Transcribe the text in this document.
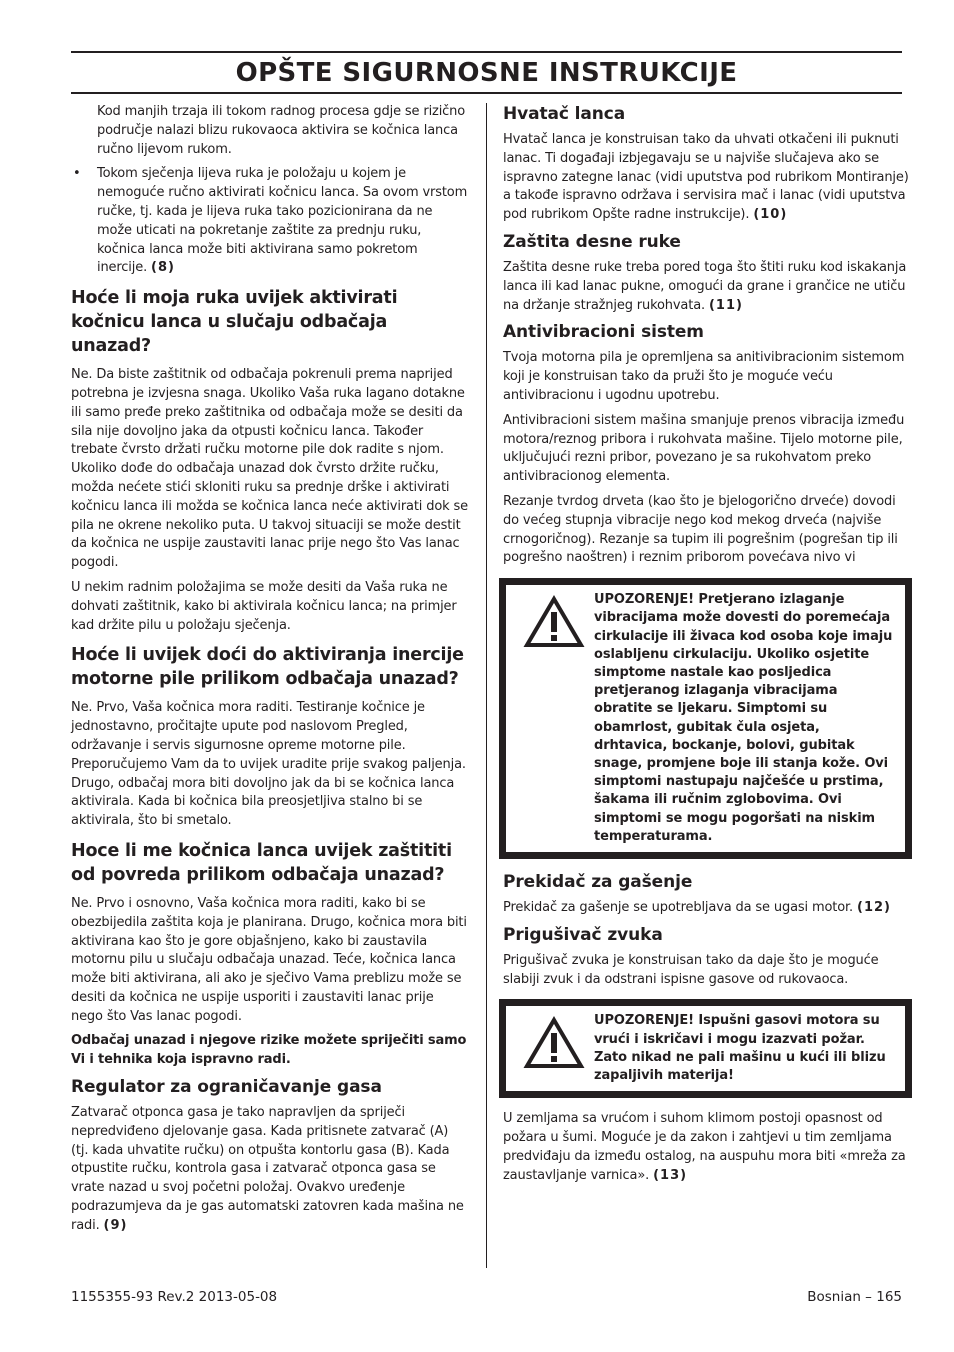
OPŠTE SIGURNOSNE INSTRUKCIJE

Kod manjih trzaja ili tokom radnog procesa gdje se rizično područje nalazi blizu rukovaoca aktivira se kočnica lanca ručno lijevom rukom.

• Tokom sječenja lijeva ruka je položaju u kojem je nemoguće ručno aktivirati kočnicu lanca. Sa ovom vrstom ručke, tj. kada je lijeva ruka tako pozicionirana da ne može uticati na pokretanje zaštite za prednju ruku, kočnica lanca može biti aktivirana samo pokretom inercije. (8)
Hoće li moja ruka uvijek aktivirati kočnicu lanca u slučaju odbačaja unazad?

Ne. Da biste zaštitnik od odbačaja pokrenuli prema naprijed potrebna je izvjesna snaga. Ukoliko Vaša ruka lagano dotakne ili samo pređe preko zaštitnika od odbačaja može se desiti da sila nije dovoljno jaka da otpusti kočnicu lanca. Također trebate čvrsto držati ručku motorne pile dok radite s njom. Ukoliko dođe do odbačaja unazad dok čvrsto držite ručku, možda nećete stići skloniti ruku sa prednje drške i aktivirati kočnicu lanca ili možda se kočnica lanca neće aktivirati dok se pila ne okrene nekoliko puta. U takvoj situaciji se može destit da kočnica ne uspije zaustaviti lanac prije nego što Vas lanac pogodi.

U nekim radnim položajima se može desiti da Vaša ruka ne dohvati zaštitnik, kako bi aktivirala kočnicu lanca; na primjer kad držite pilu u položaju sječenja.

Hoće li uvijek doći do aktiviranja inercije motorne pile prilikom odbačaja unazad?

Ne. Prvo, Vaša kočnica mora raditi. Testiranje kočnice je jednostavno, pročitajte upute pod naslovom Pregled, održavanje i servis sigurnosne opreme motorne pile. Preporučujemo Vam da to uvijek uradite prije svakog paljenja. Drugo, odbačaj mora biti dovoljno jak da bi se kočnica lanca aktivirala. Kada bi kočnica bila preosjetljiva stalno bi se aktivirala, što bi smetalo.

Hoce li me kočnica lanca uvijek zaštititi od povreda prilikom odbačaja unazad?

Ne. Prvo i osnovno, Vaša kočnica mora raditi, kako bi se obezbijedila zaštita koja je planirana. Drugo, kočnica mora biti aktivirana kao što je gore objašnjeno, kako bi zaustavila motornu pilu u slučaju odbačaja unazad. Teće, kočnica lanca može biti aktivirana, ali ako je sječivo Vama preblizu može se desiti da kočnica ne uspije usporiti i zaustaviti lanac prije nego što Vas lanac pogodi.

Odbačaj unazad i njegove rizike možete spriječiti samo Vi i tehnika koja ispravno radi.

Regulator za ograničavanje gasa

Zatvarač otponca gasa je tako napravljen da spriječi nepredviđeno djelovanje gasa. Kada pritisnete zatvarač (A) (tj. kada uhvatite ručku) on otpušta kontorlu gasa (B). Kada otpustite ručku, kontrola gasa i zatvarač otponca gasa se vrate nazad u svoj početni položaj. Ovakvo uređenje podrazumjeva da je gas automatski zatovren kada mašina ne radi. (9)

Hvatač lanca

Hvatač lanca je konstruisan tako da uhvati otkačeni ili puknuti lanac. Ti događaji izbjegavaju se u najviše slučajeva ako se ispravno zategne lanac (vidi uputstva pod rubrikom Montiranje) a takođe ispravno održava i servisira mač i lanac (vidi uputstva pod rubrikom Opšte radne instrukcije). (10)

Zaštita desne ruke

Zaštita desne ruke treba pored toga što štiti ruku kod iskakanja lanca ili kad lanac pukne, omogući da grane i grančice ne utiču na držanje stražnjeg rukohvata. (11)

Antivibracioni sistem

Tvoja motorna pila je opremljena sa anitivibracionim sistemom koji je konstruisan tako da pruži što je moguće veću antivibracionu i ugodnu upotrebu.

Antivibracioni sistem mašina smanjuje prenos vibracija između motora/reznog pribora i rukohvata mašine. Tijelo motorne pile, uključujući rezni pribor, povezano je sa rukohvatom preko antivibracionog elementa.

Rezanje tvrdog drveta (kao što je bjelogorično drveće) dovodi do većeg stupnja vibracije nego kod mekog drveća (najviše crnogoričnog). Rezanje sa tupim ili pogrešnim (pogrešan tip ili pogrešno naoštren) i reznim priborom povećava nivo vi

UPOZORENJE! Pretjerano izlaganje vibracijama može dovesti do poremećaja cirkulacije ili živaca kod osoba koje imaju oslabljenu cirkulaciju. Ukoliko osjetite simptome nastale kao posljedica pretjeranog izlaganja vibracijama obratite se ljekaru. Simptomi su obamrlost, gubitak čula osjeta, drhtavica, bockanje, bolovi, gubitak snage, promjene boje ili stanja kože. Ovi simptomi nastupaju najčešće u prstima, šakama ili ručnim zglobovima. Ovi simptomi se mogu pogoršati na niskim temperaturama.

Prekidač za gašenje

Prekidač za gašenje se upotrebljava da se ugasi motor. (12)

Prigušivač zvuka

Prigušivač zvuka je konstruisan tako da daje što je moguće slabiji zvuk i da odstrani ispisne gasove od rukovaoca.

UPOZORENJE! Ispušni gasovi motora su vrući i iskričavi i mogu izazvati požar. Zato nikad ne pali mašinu u kući ili blizu zapaljivih materija!

U zemljama sa vrućom i suhom klimom postoji opasnost od požara u šumi. Moguće je da zakon i zahtjevi u tim zemljama predviđaju da između ostalog, na auspuhu mora biti «mreža za zaustavljanje varnica». (13)

1155355-93 Rev.2 2013-05-08	Bosnian – 165
